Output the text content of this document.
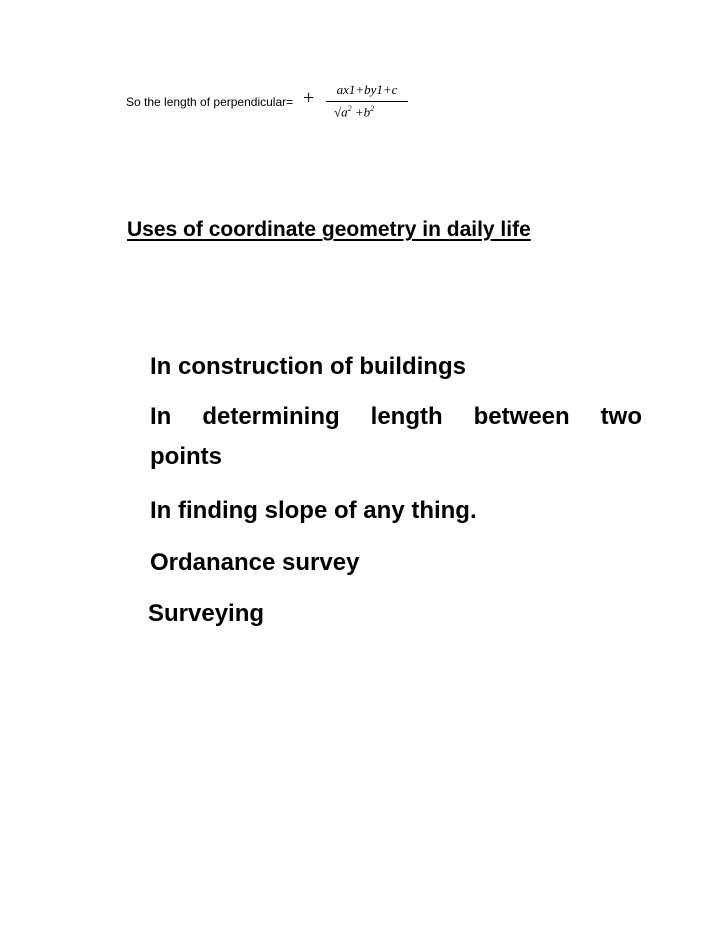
So the length of perpendicular= +	ax1+by1+c
$√a^2 +b^2$
Uses of coordinate geometry in daily life
In construction of buildings
In determining length between two
points
In finding slope of any thing.
Ordanance survey
Surveying
